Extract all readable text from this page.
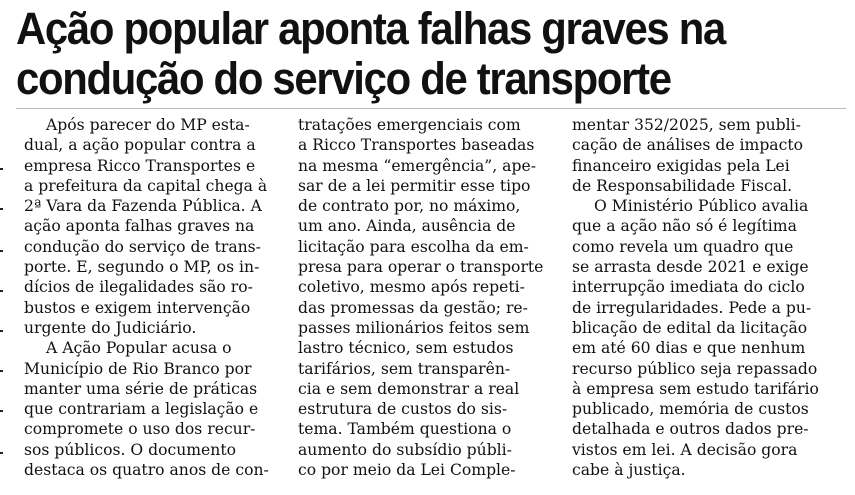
Ação popular aponta falhas graves na
condução do serviço de transporte
Após parecer do MP esta-
dual, a ação popular contra a
empresa Ricco Transportes e
a prefeitura da capital chega à
2ª Vara da Fazenda Pública. A
ação aponta falhas graves na
condução do serviço de trans-
porte. E, segundo o MP, os in-
dícios de ilegalidades são ro-
bustos e exigem intervenção
urgente do Judiciário.
A Ação Popular acusa o
Município de Rio Branco por
manter uma série de práticas
que contrariam a legislação e
compromete o uso dos recur-
sos públicos. O documento
destaca os quatro anos de con-
tratações emergenciais com
a Ricco Transportes baseadas
na mesma “emergência”, ape-
sar de a lei permitir esse tipo
de contrato por, no máximo,
um ano. Ainda, ausência de
licitação para escolha da em-
presa para operar o transporte
coletivo, mesmo após repeti-
das promessas da gestão; re-
passes milionários feitos sem
lastro técnico, sem estudos
tarifários, sem transparên-
cia e sem demonstrar a real
estrutura de custos do sis-
tema. Também questiona o
aumento do subsídio públi-
co por meio da Lei Comple-
mentar 352/2025, sem publi-
cação de análises de impacto
financeiro exigidas pela Lei
de Responsabilidade Fiscal.
O Ministério Público avalia
que a ação não só é legítima
como revela um quadro que
se arrasta desde 2021 e exige
interrupção imediata do ciclo
de irregularidades. Pede a pu-
blicação de edital da licitação
em até 60 dias e que nenhum
recurso público seja repassado
à empresa sem estudo tarifário
publicado, memória de custos
detalhada e outros dados pre-
vistos em lei. A decisão gora
cabe à justiça.
